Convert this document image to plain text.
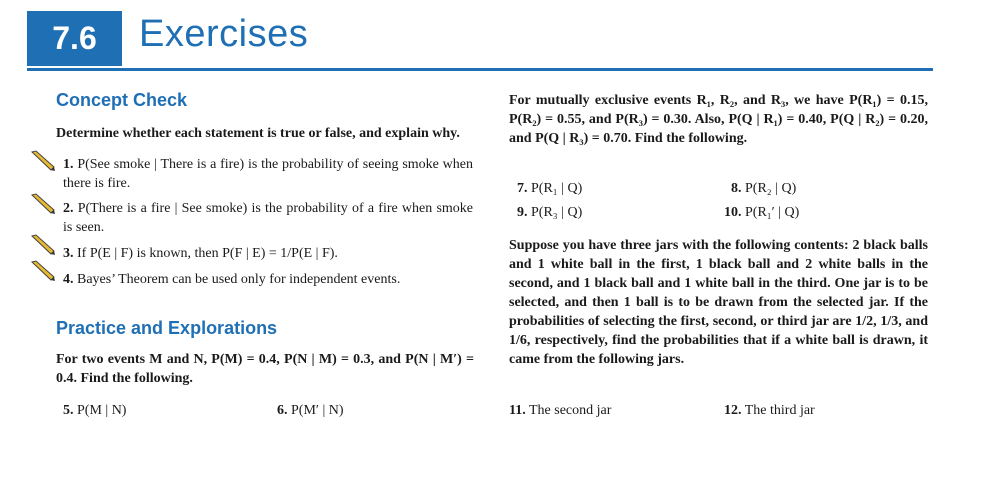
7.6	Exercises
Concept Check
Determine whether each statement is true or false, and explain why.
1. P(See smoke | There is a fire) is the probability of seeing smoke when there is fire.
2. P(There is a fire | See smoke) is the probability of a fire when smoke is seen.
3. If P(E | F) is known, then P(F | E) = 1/P(E | F).
4. Bayes’ Theorem can be used only for independent events.
Practice and Explorations
For two events M and N, P(M) = 0.4, P(N | M) = 0.3, and P(N | M′) = 0.4. Find the following.
5. P(M | N)	6. P(M′ | N)
For mutually exclusive events R₁, R₂, and R₃, we have P(R₁) = 0.15, P(R₂) = 0.55, and P(R₃) = 0.30. Also, P(Q | R₁) = 0.40, P(Q | R₂) = 0.20, and P(Q | R₃) = 0.70. Find the following.
7. P(R₁ | Q)	8. P(R₂ | Q)
9. P(R₃ | Q)	10. P(R₁′ | Q)
Suppose you have three jars with the following contents: 2 black balls and 1 white ball in the first, 1 black ball and 2 white balls in the second, and 1 black ball and 1 white ball in the third. One jar is to be selected, and then 1 ball is to be drawn from the selected jar. If the probabilities of selecting the first, second, or third jar are 1/2, 1/3, and 1/6, respectively, find the probabilities that if a white ball is drawn, it came from the following jars.
11. The second jar	12. The third jar
